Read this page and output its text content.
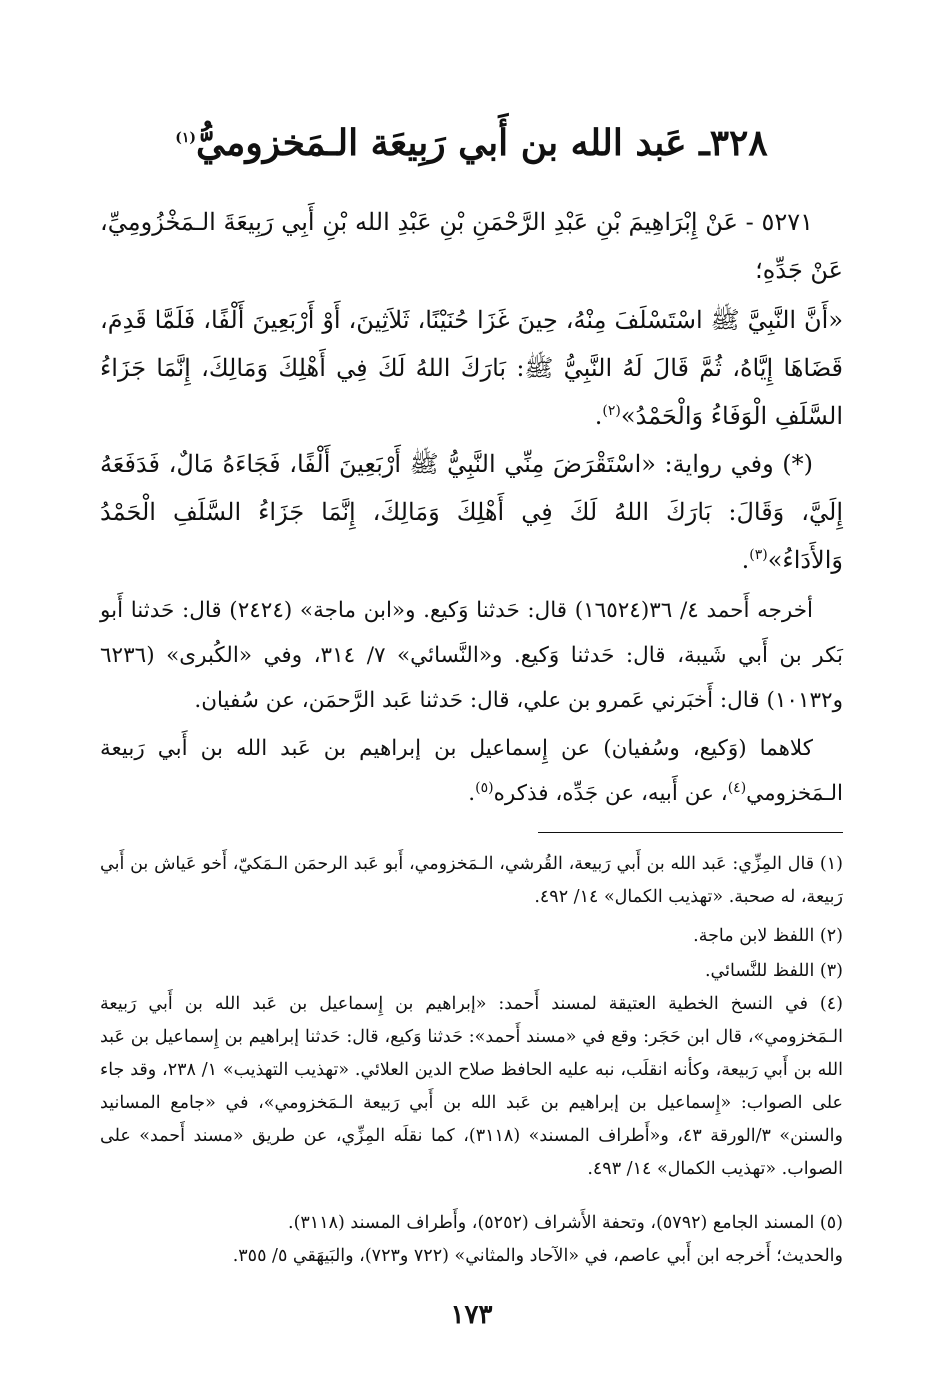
٣٢٨ـ عَبد الله بن أَبي رَبِيعَة الـمَخزوميُّ$^{(١)}$
٥٢٧١ - عَنْ إِبْرَاهِيمَ بْنِ عَبْدِ الرَّحْمَنِ بْنِ عَبْدِ الله بْنِ أَبِي رَبِيعَةَ الـمَخْزُومِيِّ، عَنْ جَدِّهِ؛
«أَنَّ النَّبِيَّ ﷺ اسْتَسْلَفَ مِنْهُ، حِينَ غَزَا حُنَيْنًا، ثَلاَثِينَ، أَوْ أَرْبَعِينَ أَلْفًا، فَلَمَّا قَدِمَ، قَضَاهَا إِيَّاهُ، ثُمَّ قَالَ لَهُ النَّبِيُّ ﷺ: بَارَكَ اللهُ لَكَ فِي أَهْلِكَ وَمَالِكَ، إِنَّمَا جَزَاءُ السَّلَفِ الْوَفَاءُ وَالْحَمْدُ»$^{(٢)}$.
(*) وفي رواية: «اسْتَقْرَضَ مِنِّي النَّبِيُّ ﷺ أَرْبَعِينَ أَلْفًا، فَجَاءَهُ مَالٌ، فَدَفَعَهُ إِلَيَّ، وَقَالَ: بَارَكَ اللهُ لَكَ فِي أَهْلِكَ وَمَالِكَ، إِنَّمَا جَزَاءُ السَّلَفِ الْحَمْدُ وَالأَدَاءُ»$^{(٣)}$.
أخرجه أَحمد ٤/ ٣٦(١٦٥٢٤) قال: حَدثنا وَكيع. و«ابن ماجة» (٢٤٢٤) قال: حَدثنا أَبو بَكر بن أَبي شَيبة، قال: حَدثنا وَكيع. و«النَّسائي» ٧/ ٣١٤، وفي «الكُبرى» (٦٢٣٦ و١٠١٣٢) قال: أَخبَرني عَمرو بن علي، قال: حَدثنا عَبد الرَّحمَن، عن سُفيان.
كلاهما (وَكيع، وسُفيان) عن إِسماعيل بن إبراهيم بن عَبد الله بن أَبي رَبيعة الـمَخزومي$^{(٤)}$، عن أَبيه، عن جَدِّه، فذكره$^{(٥)}$.
(١) قال المِزِّي: عَبد الله بن أَبي رَبيعة، القُرشي، الـمَخزومي، أَبو عَبد الرحمَن الـمَكيّ، أَخو عَياش بن أَبي رَبيعة، له صحبة. «تهذيب الكمال» ١٤/ ٤٩٢.
(٢) اللفظ لابن ماجة.
(٣) اللفظ للنَّسائي.
(٤) في النسخ الخطية العتيقة لمسند أَحمد: «إبراهيم بن إِسماعيل بن عَبد الله بن أَبي رَبيعة الـمَخزومي»، قال ابن حَجَر: وقع في «مسند أَحمد»: حَدثنا وَكيع، قال: حَدثنا إبراهيم بن إِسماعيل بن عَبد الله بن أَبي رَبيعة، وكأنه انقلَب، نبه عليه الحافظ صلاح الدين العلائي. «تهذيب التهذيب» ١/ ٢٣٨، وقد جاء على الصواب: «إِسماعيل بن إبراهيم بن عَبد الله بن أَبي رَبيعة الـمَخزومي»، في «جامع المسانيد والسنن» ٣/الورقة ٤٣، و«أَطراف المسند» (٣١١٨)، كما نقلَه المِزِّي، عن طريق «مسند أَحمد» على الصواب. «تهذيب الكمال» ١٤/ ٤٩٣.
(٥) المسند الجامع (٥٧٩٢)، وتحفة الأَشراف (٥٢٥٢)، وأَطراف المسند (٣١١٨).
والحديث؛ أَخرجه ابن أَبي عاصم، في «الآحاد والمثاني» (٧٢٢ و٧٢٣)، والبَيهَقي ٥/ ٣٥٥.
١٧٣
